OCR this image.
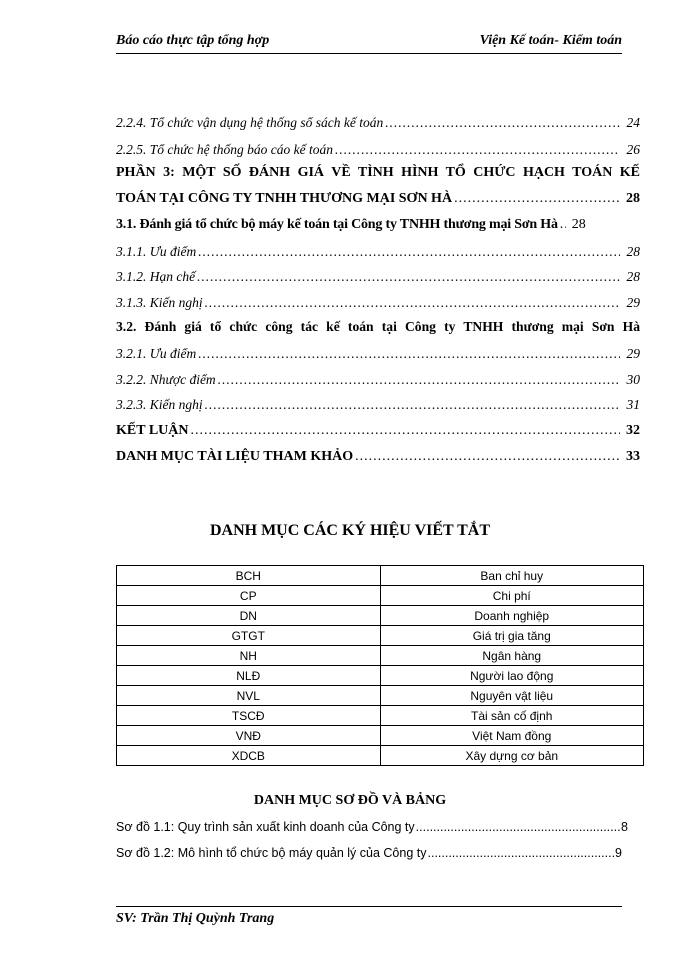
Báo cáo thực tập tổng hợp	Viện Kế toán- Kiểm toán
2.2.4. Tổ chức vận dụng hệ thống sổ sách kế toán .....	24
2.2.5. Tổ chức hệ thống báo cáo kế toán .....	26
PHẦN 3: MỘT SỐ ĐÁNH GIÁ VỀ TÌNH HÌNH TỔ CHỨC HẠCH TOÁN KẾ
TOÁN TẠI CÔNG TY TNHH THƯƠNG MẠI SƠN HÀ .....	28
3.1. Đánh giá tổ chức bộ máy kế toán tại Công ty TNHH thương mại Sơn Hà ..... 28
3.1.1. Ưu điểm .....	28
3.1.2. Hạn chế .....	28
3.1.3. Kiến nghị .....	29
3.2. Đánh giá tổ chức công tác kế toán tại Công ty TNHH thương mại Sơn Hà
3.2.1. Ưu điểm .....	29
3.2.2. Nhược điểm .....	30
3.2.3. Kiến nghị .....	31
KẾT LUẬN .....	32
DANH MỤC TÀI LIỆU THAM KHẢO .....	33
DANH MỤC CÁC KÝ HIỆU VIẾT TẮT
BCH	Ban chỉ huy
CP	Chi phí
DN	Doanh nghiệp
GTGT	Giá trị gia tăng
NH	Ngân hàng
NLĐ	Người lao động
NVL	Nguyên vật liệu
TSCĐ	Tài sản cố định
VNĐ	Việt Nam đồng
XDCB	Xây dựng cơ bản
DANH MỤC SƠ ĐỒ VÀ BẢNG
Sơ đồ 1.1: Quy trình sản xuất kinh doanh của Công ty .....	8
Sơ đồ 1.2: Mô hình tổ chức bộ máy quản lý của Công ty .....	9
SV: Trần Thị Quỳnh Trang
